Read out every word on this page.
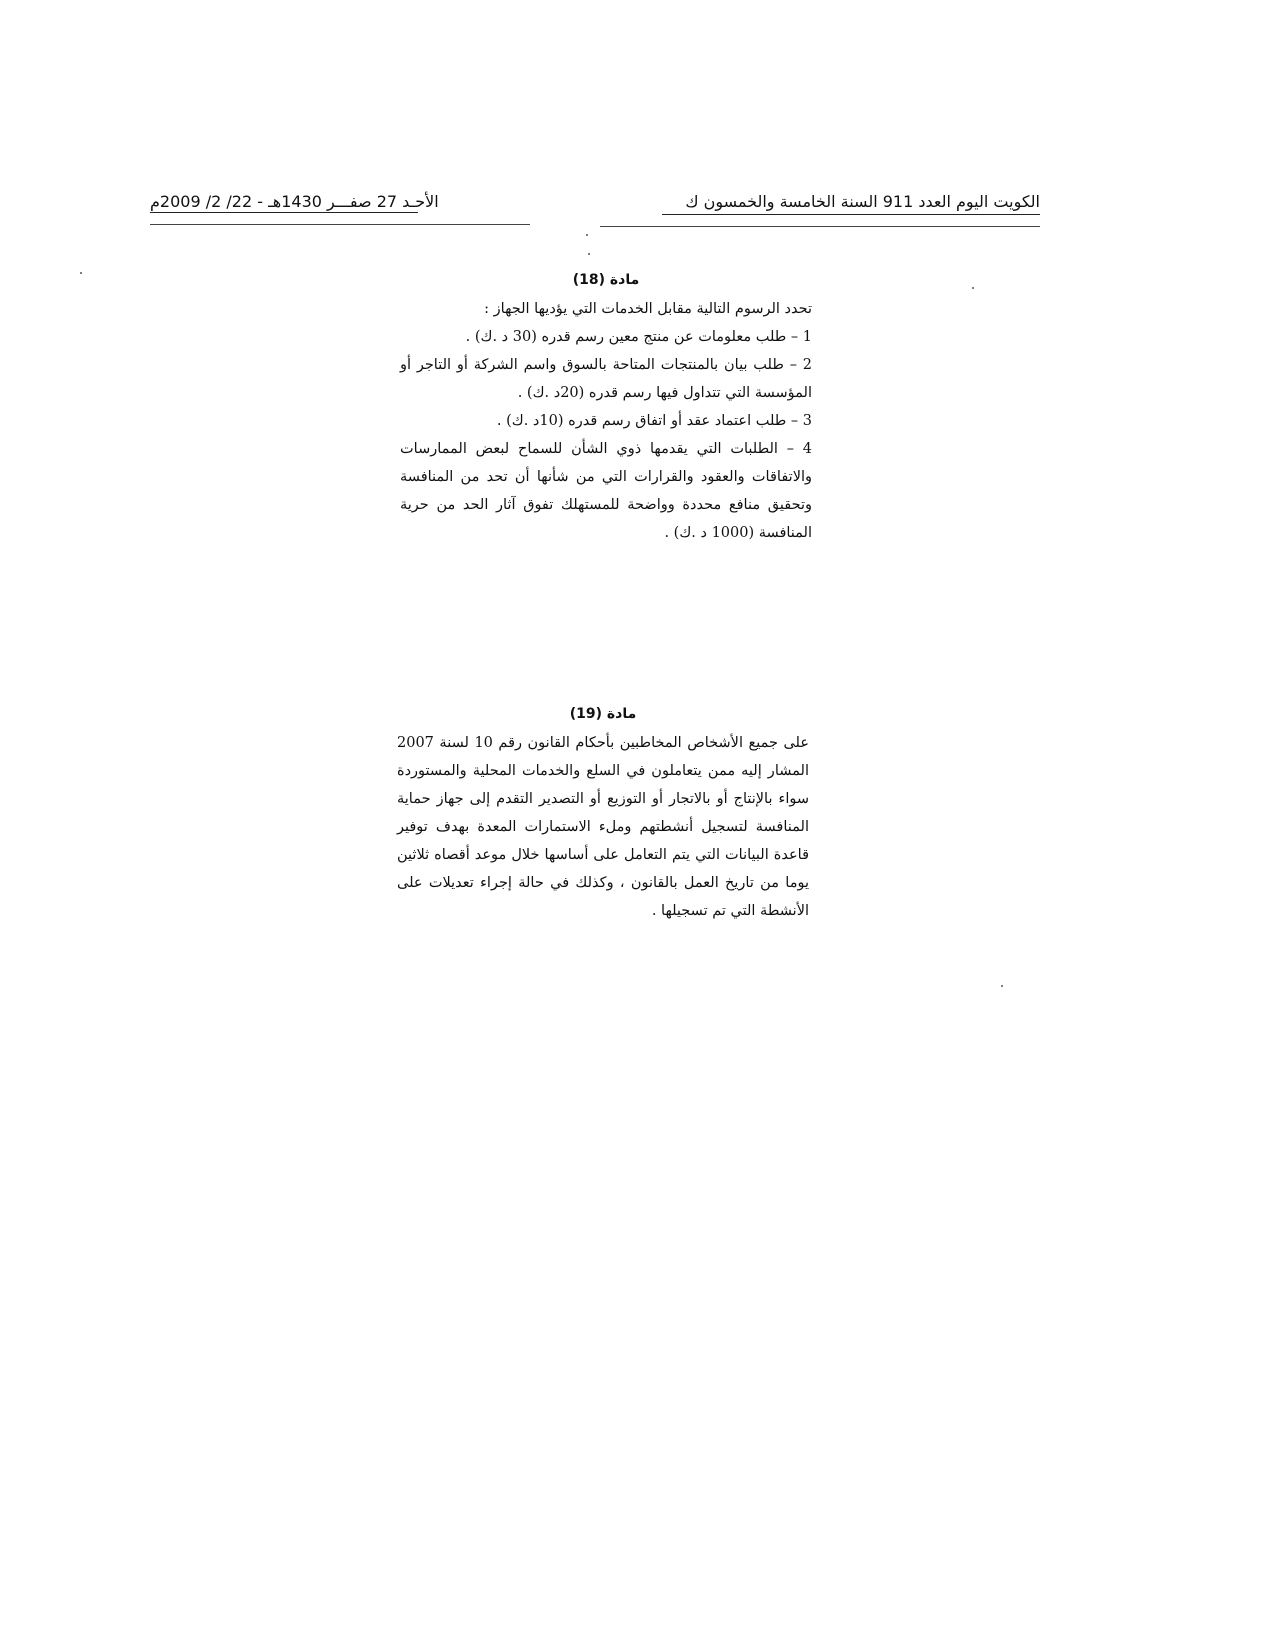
الكويت اليوم العدد 911 السنة الخامسة والخمسون ك
الأحـد 27 صفـــر 1430هـ - 22/ 2/ 2009م
مادة (18)

تحدد الرسوم التالية مقابل الخدمات التي يؤديها الجهاز :

1 – طلب معلومات عن منتج معين رسم قدره (30 د .ك) .

2 – طلب بيان بالمنتجات المتاحة بالسوق واسم الشركة أو التاجر أو المؤسسة التي تتداول فيها رسم قدره (20د .ك) .

3 – طلب اعتماد عقد أو اتفاق رسم قدره (10د .ك) .

4 – الطلبات التي يقدمها ذوي الشأن للسماح لبعض الممارسات والاتفاقات والعقود والقرارات التي من شأنها أن تحد من المنافسة وتحقيق منافع محددة وواضحة للمستهلك تفوق آثار الحد من حرية المنافسة (1000 د .ك) .

مادة (19)

على جميع الأشخاص المخاطبين بأحكام القانون رقم 10 لسنة 2007 المشار إليه ممن يتعاملون في السلع والخدمات المحلية والمستوردة سواء بالإنتاج أو بالاتجار أو التوزيع أو التصدير التقدم إلى جهاز حماية المنافسة لتسجيل أنشطتهم وملء الاستمارات المعدة بهدف توفير قاعدة البيانات التي يتم التعامل على أساسها خلال موعد أقصاه ثلاثين يوما من تاريخ العمل بالقانون ، وكذلك في حالة إجراء تعديلات على الأنشطة التي تم تسجيلها .
